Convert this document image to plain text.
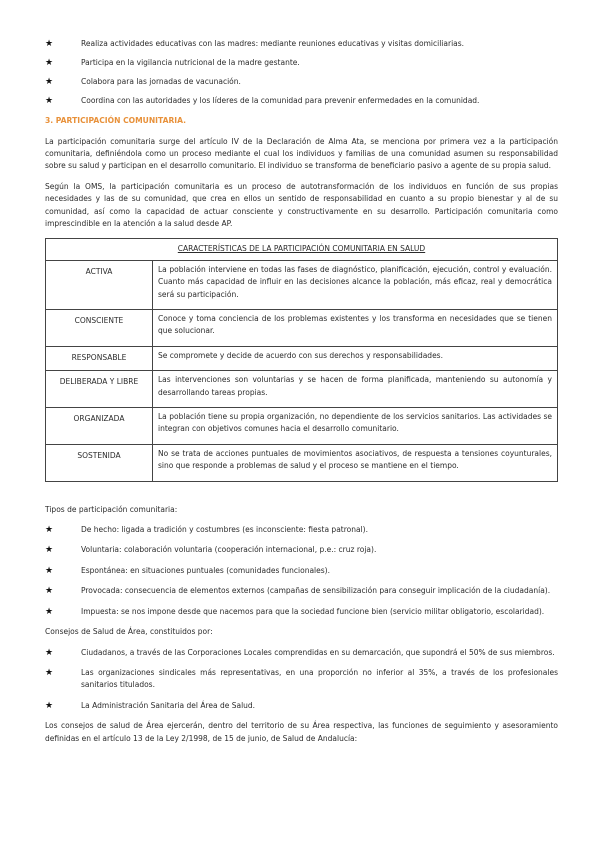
★	Realiza actividades educativas con las madres: mediante reuniones educativas y visitas domiciliarias.
★	Participa en la vigilancia nutricional de la madre gestante.
★	Colabora para las jornadas de vacunación.
★	Coordina con las autoridades y los líderes de la comunidad para prevenir enfermedades en la comunidad.
3. PARTICIPACIÓN COMUNITARIA.

La participación comunitaria surge del artículo IV de la Declaración de Alma Ata, se menciona por primera vez a la participación comunitaria, definiéndola como un proceso mediante el cual los individuos y familias de una comunidad asumen su responsabilidad sobre su salud y participan en el desarrollo comunitario. El individuo se transforma de beneficiario pasivo a agente de su propia salud.

Según la OMS, la participación comunitaria es un proceso de autotransformación de los individuos en función de sus propias necesidades y las de su comunidad, que crea en ellos un sentido de responsabilidad en cuanto a su propio bienestar y al de su comunidad, así como la capacidad de actuar consciente y constructivamente en su desarrollo. Participación comunitaria como imprescindible en la atención a la salud desde AP.

CARACTERÍSTICAS DE LA PARTICIPACIÓN COMUNITARIA EN SALUD	
ACTIVA	La población interviene en todas las fases de diagnóstico, planificación, ejecución, control y evaluación. Cuanto más capacidad de influir en las decisiones alcance la población, más eficaz, real y democrática será su participación.
CONSCIENTE	Conoce y toma conciencia de los problemas existentes y los transforma en necesidades que se tienen que solucionar.
RESPONSABLE	Se compromete y decide de acuerdo con sus derechos y responsabilidades.
DELIBERADA Y LIBRE	Las intervenciones son voluntarias y se hacen de forma planificada, manteniendo su autonomía y desarrollando tareas propias.
ORGANIZADA	La población tiene su propia organización, no dependiente de los servicios sanitarios. Las actividades se integran con objetivos comunes hacia el desarrollo comunitario.
SOSTENIDA	No se trata de acciones puntuales de movimientos asociativos, de respuesta a tensiones coyunturales, sino que responde a problemas de salud y el proceso se mantiene en el tiempo.

Tipos de participación comunitaria:

★	De hecho: ligada a tradición y costumbres (es inconsciente: fiesta patronal).
★	Voluntaria: colaboración voluntaria (cooperación internacional, p.e.: cruz roja).
★	Espontánea: en situaciones puntuales (comunidades funcionales).
★	Provocada: consecuencia de elementos externos (campañas de sensibilización para conseguir implicación de la ciudadanía).
★	Impuesta: se nos impone desde que nacemos para que la sociedad funcione bien (servicio militar obligatorio, escolaridad).

Consejos de Salud de Área, constituidos por:

★	Ciudadanos, a través de las Corporaciones Locales comprendidas en su demarcación, que supondrá el 50% de sus miembros.
★	Las organizaciones sindicales más representativas, en una proporción no inferior al 35%, a través de los profesionales sanitarios titulados.
★	La Administración Sanitaria del Área de Salud.

Los consejos de salud de Área ejercerán, dentro del territorio de su Área respectiva, las funciones de seguimiento y asesoramiento definidas en el artículo 13 de la Ley 2/1998, de 15 de junio, de Salud de Andalucía:
